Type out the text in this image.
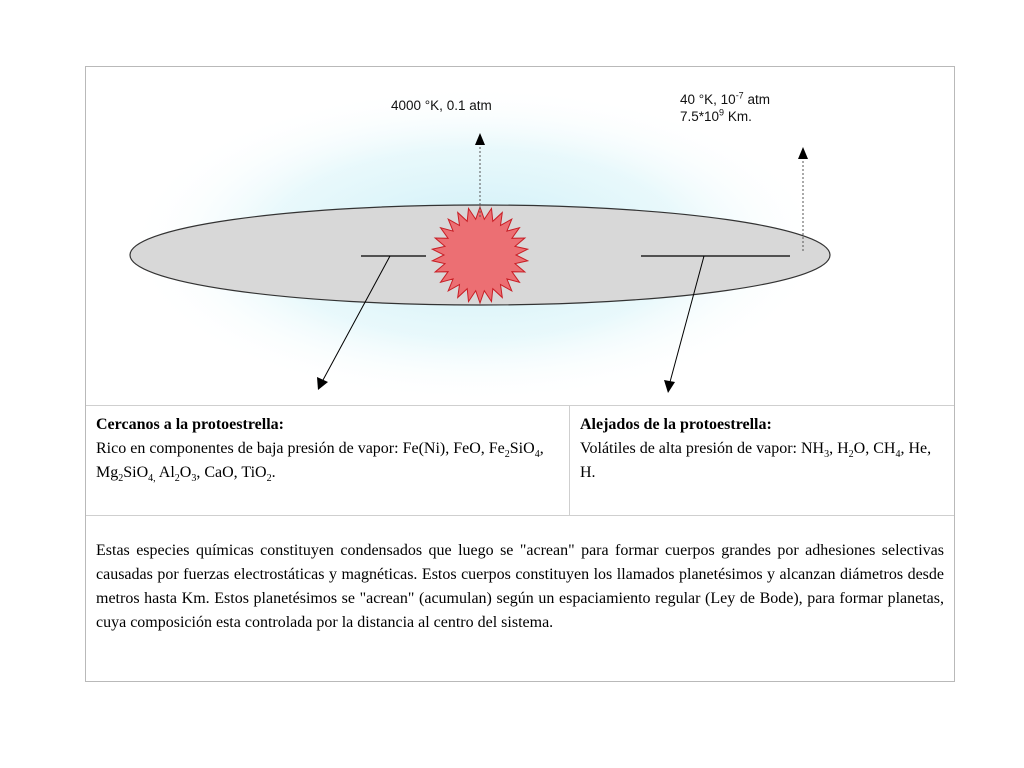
4000 °K, 0.1 atm	40 °K, $10^{-7}$ atm
$7.5*10^9$ Km.
Cercanos a la protoestrella:
Rico en componentes de baja presión de vapor: Fe(Ni), FeO, $Fe_2SiO_4$, $Mg_2SiO_{4,}$ $Al_2O_3$, CaO, TiO$_2$.
Alejados de la protoestrella:
Volátiles de alta presión de vapor: $NH_3$, $H_2O$, $CH_4$, He, H.

Estas especies químicas constituyen condensados que luego se "acrean" para formar cuerpos grandes por adhesiones selectivas causadas por fuerzas electrostáticas y magnéticas. Estos cuerpos constituyen los llamados planetésimos y alcanzan diámetros desde metros hasta Km. Estos planetésimos se "acrean" (acumulan) según un espaciamiento regular (Ley de Bode), para formar planetas, cuya composición esta controlada por la distancia al centro del sistema.
